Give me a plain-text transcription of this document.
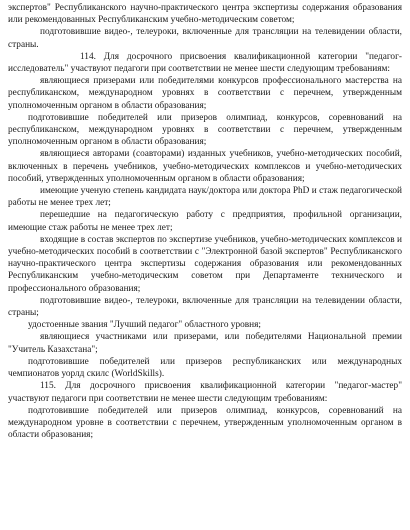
экспертов" Республиканского научно-практического центра экспертизы содержания образования или рекомендованных Республиканским учебно-методическим советом;

подготовившие видео-, телеуроки, включенные для трансляции на телевидении области, страны.

114. Для досрочного присвоения квалификационной категории "педагог-исследователь" участвуют педагоги при соответствии не менее шести следующим требованиям:

являющиеся призерами или победителями конкурсов профессионального мастерства на республиканском, международном уровнях в соответствии с перечнем, утвержденным уполномоченным органом в области образования;

подготовившие победителей или призеров олимпиад, конкурсов, соревнований на республиканском, международном уровнях в соответствии с перечнем, утвержденным уполномоченным органом в области образования;

являющиеся авторами (соавторами) изданных учебников, учебно-методических пособий, включенных в перечень учебников, учебно-методических комплексов и учебно-методических пособий, утвержденных уполномоченным органом в области образования;

имеющие ученую степень кандидата наук/доктора или доктора PhD и стаж педагогической работы не менее трех лет;

перешедшие на педагогическую работу с предприятия, профильной организации, имеющие стаж работы не менее трех лет;

входящие в состав экспертов по экспертизе учебников, учебно-методических комплексов и учебно-методических пособий в соответствии с "Электронной базой экспертов" Республиканского научно-практического центра экспертизы содержания образования или рекомендованных Республиканским учебно-методическим советом при Департаменте технического и профессионального образования;

подготовившие видео-, телеуроки, включенные для трансляции на телевидении области, страны;

удостоенные звания "Лучший педагог" областного уровня;

являющиеся участниками или призерами, или победителями Национальной премии "Учитель Казахстана";

подготовившие победителей или призеров республиканских или международных чемпионатов уорлд скилс (WorldSkills).

115. Для досрочного присвоения квалификационной категории "педагог-мастер" участвуют педагоги при соответствии не менее шести следующим требованиям:

подготовившие победителей или призеров олимпиад, конкурсов, соревнований на международном уровне в соответствии с перечнем, утвержденным уполномоченным органом в области образования;
